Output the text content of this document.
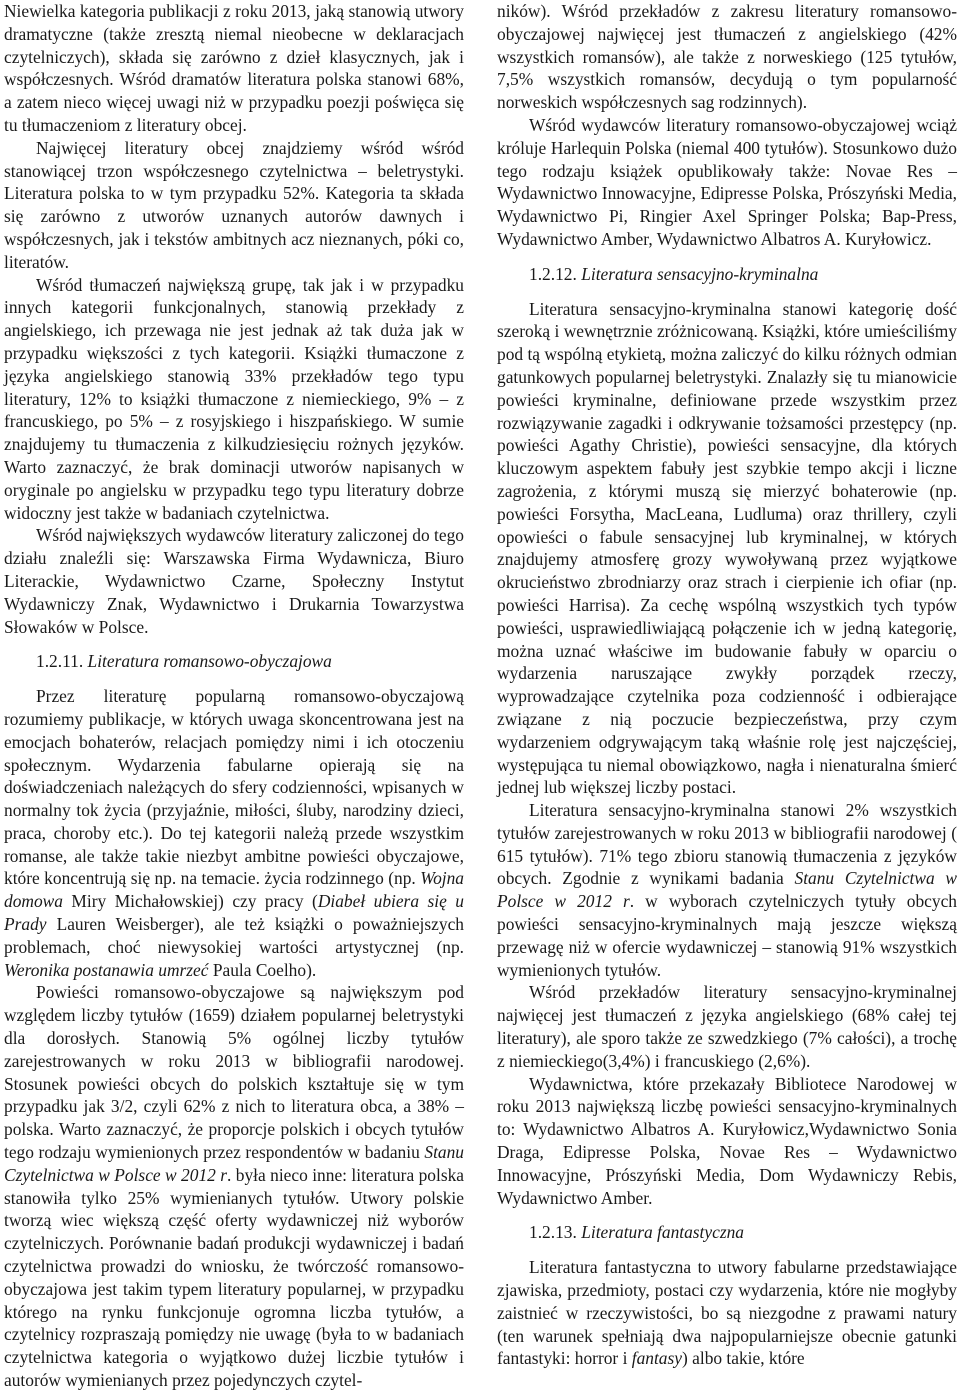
Niewielka kategoria publikacji z roku 2013, jaką stanowią utwory dramatyczne (także zresztą niemal nieobecne w deklaracjach czytelniczych), składa się zarówno z dzieł klasycznych, jak i współczesnych. Wśród dramatów literatura polska stanowi 68%, a zatem nieco więcej uwagi niż w przypadku poezji poświęca się tu tłumaczeniom z literatury obcej.

Najwięcej literatury obcej znajdziemy wśród wśród stanowiącej trzon współczesnego czytelnictwa – beletrystyki. Literatura polska to w tym przypadku 52%. Kategoria ta składa się zarówno z utworów uznanych autorów dawnych i współczesnych, jak i tekstów ambitnych acz nieznanych, póki co, literatów.

Wśród tłumaczeń największą grupę, tak jak i w przypadku innych kategorii funkcjonalnych, stanowią przekłady z angielskiego, ich przewaga nie jest jednak aż tak duża jak w przypadku większości z tych kategorii. Książki tłumaczone z języka angielskiego stanowią 33% przekładów tego typu literatury, 12% to książki tłumaczone z niemieckiego, 9% – z francuskiego, po 5% – z rosyjskiego i hiszpańskiego. W sumie znajdujemy tu tłumaczenia z kilkudziesięciu rożnych języków. Warto zaznaczyć, że brak dominacji utworów napisanych w oryginale po angielsku w przypadku tego typu literatury dobrze widoczny jest także w badaniach czytelnictwa.

Wśród największych wydawców literatury zaliczonej do tego działu znaleźli się: Warszawska Firma Wydawnicza, Biuro Literackie, Wydawnictwo Czarne, Społeczny Instytut Wydawniczy Znak, Wydawnictwo i Drukarnia Towarzystwa Słowaków w Polsce.

1.2.11. Literatura romansowo-obyczajowa

Przez literaturę popularną romansowo-obyczajową rozumiemy publikacje, w których uwaga skoncentrowana jest na emocjach bohaterów, relacjach pomiędzy nimi i ich otoczeniu społecznym. Wydarzenia fabularne opierają się na doświadczeniach należących do sfery codzienności, wpisanych w normalny tok życia (przyjaźnie, miłości, śluby, narodziny dzieci, praca, choroby etc.). Do tej kategorii należą przede wszystkim romanse, ale także takie niezbyt ambitne powieści obyczajowe, które koncentrują się np. na temacie. życia rodzinnego (np. Wojna domowa Miry Michałowskiej) czy pracy (Diabeł ubiera się u Prady Lauren Weisberger), ale też książki o poważniejszych problemach, choć niewysokiej wartości artystycznej (np. Weronika postanawia umrzeć Paula Coelho).

Powieści romansowo-obyczajowe są największym pod względem liczby tytułów (1659) działem popularnej beletrystyki dla dorosłych. Stanowią 5% ogólnej liczby tytułów zarejestrowanych w roku 2013 w bibliografii narodowej. Stosunek powieści obcych do polskich kształtuje się w tym przypadku jak 3/2, czyli 62% z nich to literatura obca, a 38% – polska. Warto zaznaczyć, że proporcje polskich i obcych tytułów tego rodzaju wymienionych przez respondentów w badaniu Stanu Czytelnictwa w Polsce w 2012 r. była nieco inne: literatura polska stanowiła tylko 25% wymienianych tytułów. Utwory polskie tworzą wiec większą część oferty wydawniczej niż wyborów czytelniczych. Porównanie badań produkcji wydawniczej i badań czytelnictwa prowadzi do wniosku, że twórczość romansowo-obyczajowa jest takim typem literatury popularnej, w przypadku którego na rynku funkcjonuje ogromna liczba tytułów, a czytelnicy rozpraszają pomiędzy nie uwagę (była to w badaniach czytelnictwa kategoria o wyjątkowo dużej liczbie tytułów i autorów wymienianych przez pojedynczych czytel-

ników). Wśród przekładów z zakresu literatury romansowo-obyczajowej najwięcej jest tłumaczeń z angielskiego (42% wszystkich romansów), ale także z norweskiego (125 tytułów, 7,5% wszystkich romansów, decydują o tym popularność norweskich współczesnych sag rodzinnych).

Wśród wydawców literatury romansowo-obyczajowej wciąż króluje Harlequin Polska (niemal 400 tytułów). Stosunkowo dużo tego rodzaju książek opublikowały także: Novae Res – Wydawnictwo Innowacyjne, Edipresse Polska, Prószyński Media, Wydawnictwo Pi, Ringier Axel Springer Polska; Bap-Press, Wydawnictwo Amber, Wydawnictwo Albatros A. Kuryłowicz.

1.2.12. Literatura sensacyjno-kryminalna

Literatura sensacyjno-kryminalna stanowi kategorię dość szeroką i wewnętrznie zróżnicowaną. Książki, które umieściliśmy pod tą wspólną etykietą, można zaliczyć do kilku różnych odmian gatunkowych popularnej beletrystyki. Znalazły się tu mianowicie powieści kryminalne, definiowane przede wszystkim przez rozwiązywanie zagadki i odkrywanie tożsamości przestępcy (np. powieści Agathy Christie), powieści sensacyjne, dla których kluczowym aspektem fabuły jest szybkie tempo akcji i liczne zagrożenia, z którymi muszą się mierzyć bohaterowie (np. powieści Forsytha, MacLeana, Ludluma) oraz thrillery, czyli opowieści o fabule sensacyjnej lub kryminalnej, w których znajdujemy atmosferę grozy wywoływaną przez wyjątkowe okrucieństwo zbrodniarzy oraz strach i cierpienie ich ofiar (np. powieści Harrisa). Za cechę wspólną wszystkich tych typów powieści, usprawiedliwiającą połączenie ich w jedną kategorię, można uznać właściwe im budowanie fabuły w oparciu o wydarzenia naruszające zwykły porządek rzeczy, wyprowadzające czytelnika poza codzienność i odbierające związane z nią poczucie bezpieczeństwa, przy czym wydarzeniem odgrywającym taką właśnie rolę jest najczęściej, występująca tu niemal obowiązkowo, nagła i nienaturalna śmierć jednej lub większej liczby postaci.

Literatura sensacyjno-kryminalna stanowi 2% wszystkich tytułów zarejestrowanych w roku 2013 w bibliografii narodowej ( 615 tytułów). 71% tego zbioru stanowią tłumaczenia z języków obcych. Zgodnie z wynikami badania Stanu Czytelnictwa w Polsce w 2012 r. w wyborach czytelniczych tytuły obcych powieści sensacyjno-kryminalnych mają jeszcze większą przewagę niż w ofercie wydawniczej – stanowią 91% wszystkich wymienionych tytułów.

Wśród przekładów literatury sensacyjno-kryminalnej najwięcej jest tłumaczeń z języka angielskiego (68% całej tej literatury), ale sporo także ze szwedzkiego (7% całości), a trochę z niemieckiego(3,4%) i francuskiego (2,6%).

Wydawnictwa, które przekazały Bibliotece Narodowej w roku 2013 największą liczbę powieści sensacyjno-kryminalnych to: Wydawnictwo Albatros A. Kuryłowicz,Wydawnictwo Sonia Draga, Edipresse Polska, Novae Res – Wydawnictwo Innowacyjne, Prószyński Media, Dom Wydawniczy Rebis, Wydawnictwo Amber.

1.2.13. Literatura fantastyczna

Literatura fantastyczna to utwory fabularne przedstawiające zjawiska, przedmioty, postaci czy wydarzenia, które nie mogłyby zaistnieć w rzeczywistości, bo są niezgodne z prawami natury (ten warunek spełniają dwa najpopularniejsze obecnie gatunki fantastyki: horror i fantasy) albo takie, które
